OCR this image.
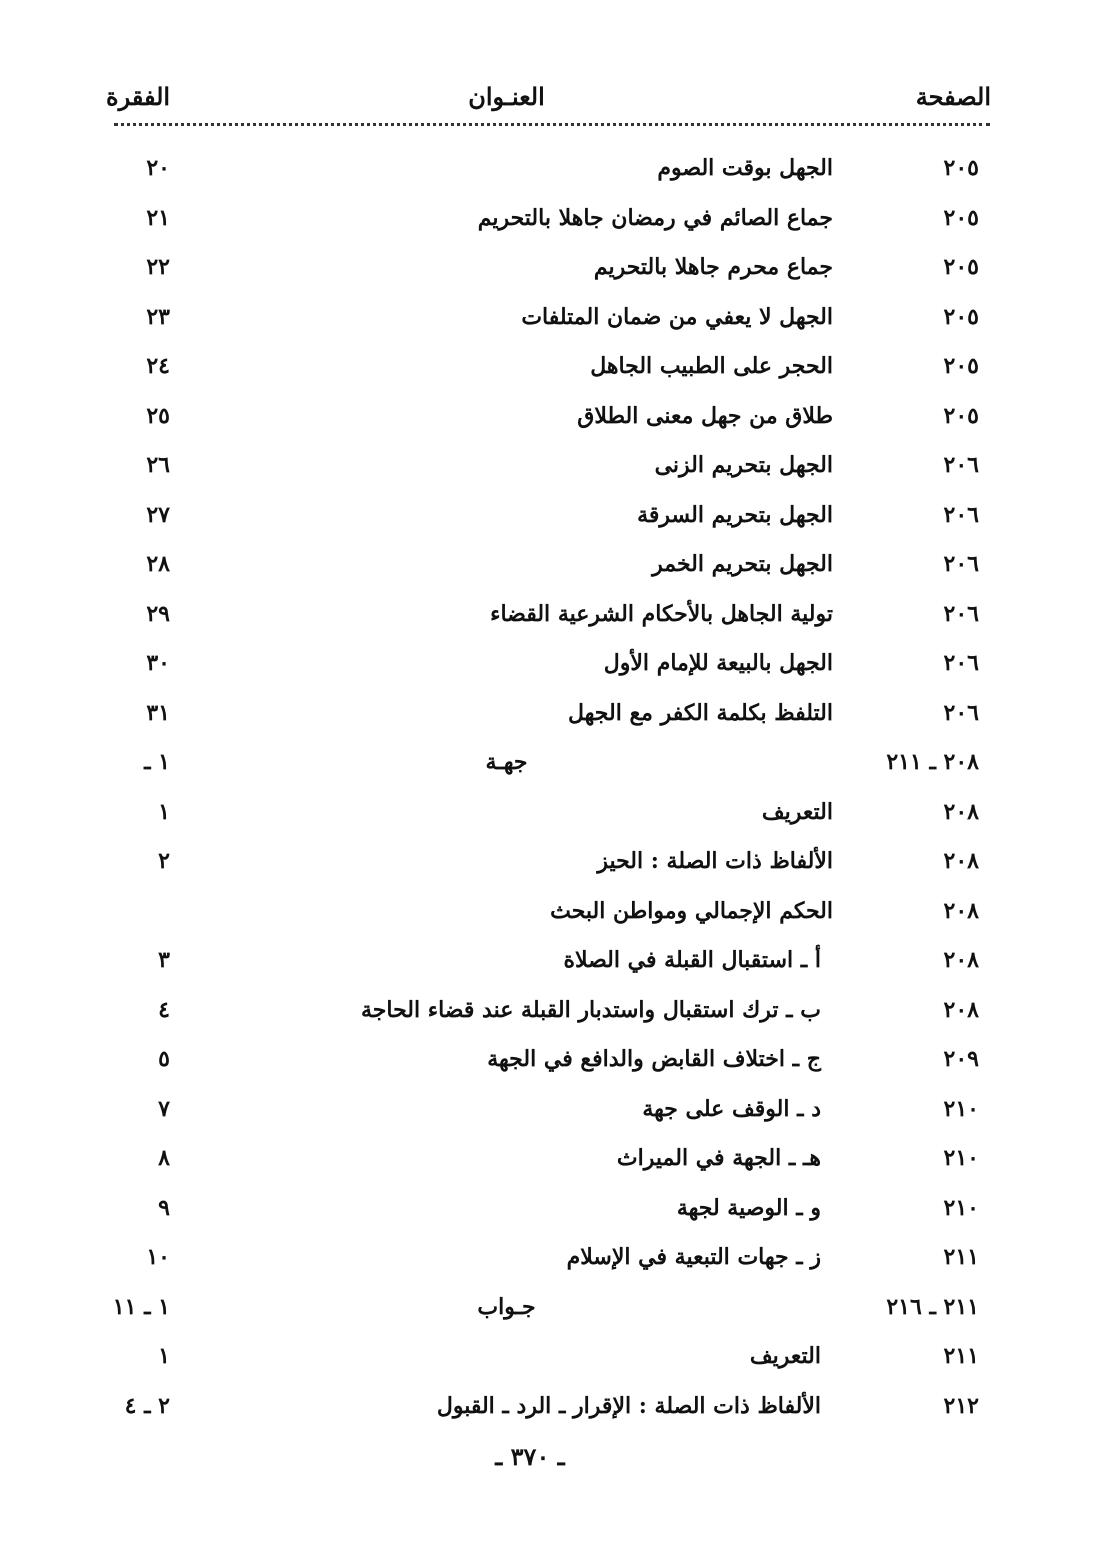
الصفحة
العنـوان
الفقرة
٢٠٥
الجهل بوقت الصوم
٢٠
٢٠٥
جماع الصائم في رمضان جاهلا بالتحريم
٢١
٢٠٥
جماع محرم جاهلا بالتحريم
٢٢
٢٠٥
الجهل لا يعفي من ضمان المتلفات
٢٣
٢٠٥
الحجر على الطبيب الجاهل
٢٤
٢٠٥
طلاق من جهل معنى الطلاق
٢٥
٢٠٦
الجهل بتحريم الزنى
٢٦
٢٠٦
الجهل بتحريم السرقة
٢٧
٢٠٦
الجهل بتحريم الخمر
٢٨
٢٠٦
تولية الجاهل بالأحكام الشرعية القضاء
٢٩
٢٠٦
الجهل بالبيعة للإمام الأول
٣٠
٢٠٦
التلفظ بكلمة الكفر مع الجهل
٣١
٢٠٨ ـ ٢١١
جهـة
١ ـ
٢٠٨
التعريف
١
٢٠٨
الألفاظ ذات الصلة : الحيز
٢
٢٠٨
الحكم الإجمالي ومواطن البحث
٢٠٨
أ ـ استقبال القبلة في الصلاة
٣
٢٠٨
ب ـ ترك استقبال واستدبار القبلة عند قضاء الحاجة
٤
٢٠٩
ج ـ اختلاف القابض والدافع في الجهة
٥
٢١٠
د ـ الوقف على جهة
٧
٢١٠
هـ ـ الجهة في الميراث
٨
٢١٠
و ـ الوصية لجهة
٩
٢١١
ز ـ جهات التبعية في الإسلام
١٠
٢١١ ـ ٢١٦
جـواب
١ ـ ١١
٢١١
التعريف
١
٢١٢
الألفاظ ذات الصلة : الإقرار ـ الرد ـ القبول
٢ ـ ٤
ـ ٣٧٠ ـ
